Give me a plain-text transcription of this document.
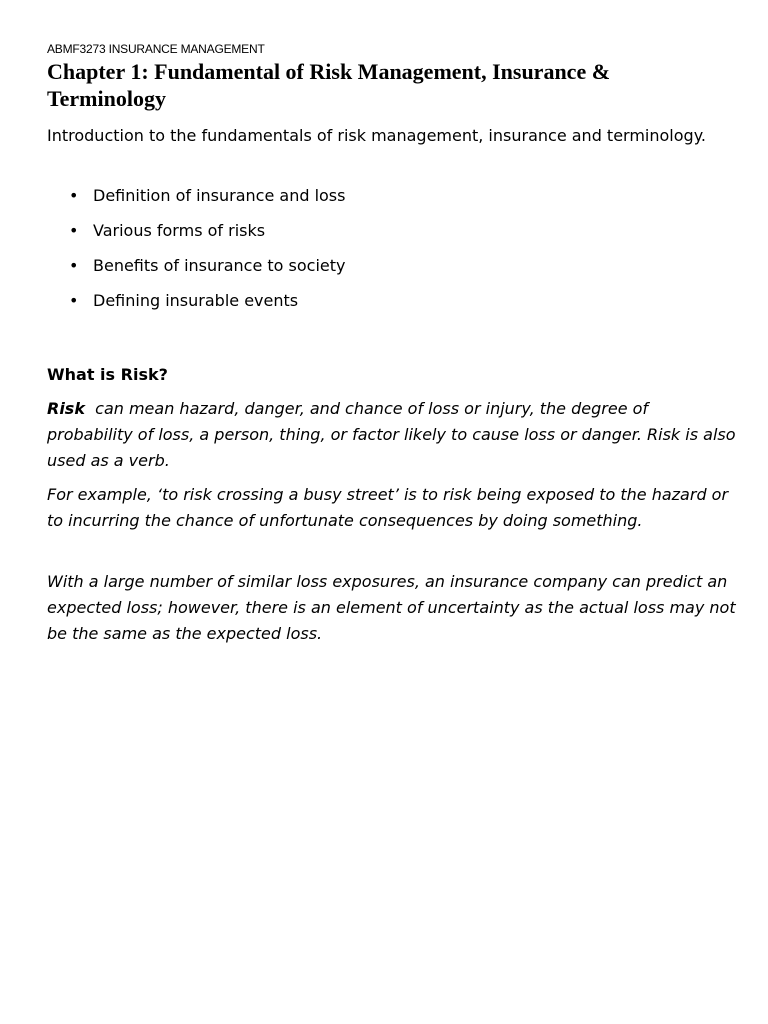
ABMF3273 INSURANCE MANAGEMENT
Chapter 1: Fundamental of Risk Management, Insurance & Terminology

Introduction to the fundamentals of risk management, insurance and terminology.

• Definition of insurance and loss
• Various forms of risks
• Benefits of insurance to society
• Defining insurable events
What is Risk?

Risk can mean hazard, danger, and chance of loss or injury, the degree of probability of loss, a person, thing, or factor likely to cause loss or danger. Risk is also used as a verb.

For example, ‘to risk crossing a busy street’ is to risk being exposed to the hazard or to incurring the chance of unfortunate consequences by doing something.

With a large number of similar loss exposures, an insurance company can predict an expected loss; however, there is an element of uncertainty as the actual loss may not be the same as the expected loss.
